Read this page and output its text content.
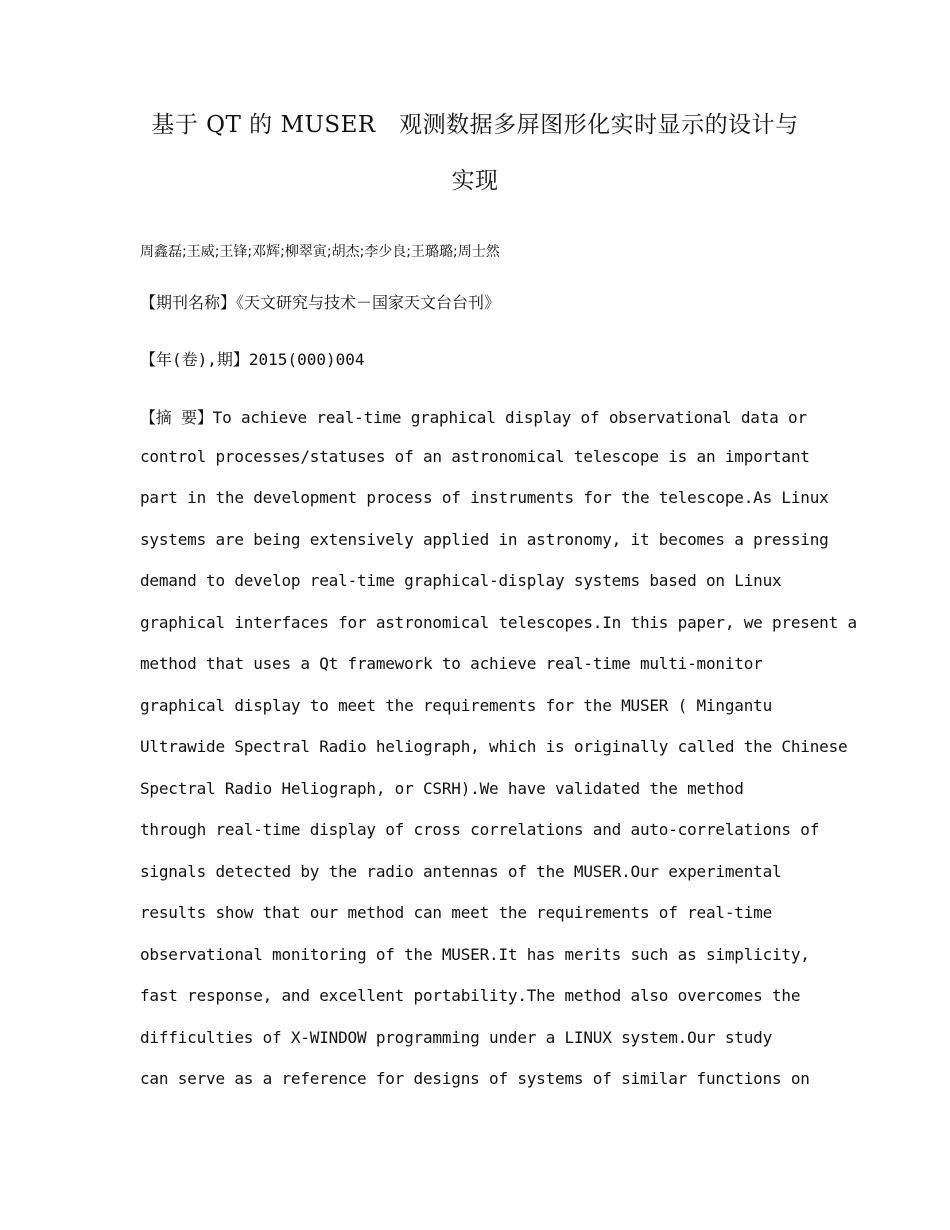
基于 QT 的 MUSER   观测数据多屏图形化实时显示的设计与
实现
周鑫磊;王威;王锋;邓辉;柳翠寅;胡杰;李少良;王璐璐;周士然
【期刊名称】《天文研究与技术－国家天文台台刊》
【年(卷),期】2015(000)004
【摘 要】To achieve real-time graphical display of observational data or
control processes/statuses of an astronomical telescope is an important
part in the development process of instruments for the telescope.As Linux
systems are being extensively applied in astronomy, it becomes a pressing
demand to develop real-time graphical-display systems based on Linux
graphical interfaces for astronomical telescopes.In this paper, we present a
method that uses a Qt framework to achieve real-time multi-monitor
graphical display to meet the requirements for the MUSER ( Mingantu
Ultrawide Spectral Radio heliograph, which is originally called the Chinese
Spectral Radio Heliograph, or CSRH).We have validated the method
through real-time display of cross correlations and auto-correlations of
signals detected by the radio antennas of the MUSER.Our experimental
results show that our method can meet the requirements of real-time
observational monitoring of the MUSER.It has merits such as simplicity,
fast response, and excellent portability.The method also overcomes the
difficulties of X-WINDOW programming under a LINUX system.Our study
can serve as a reference for designs of systems of similar functions on
